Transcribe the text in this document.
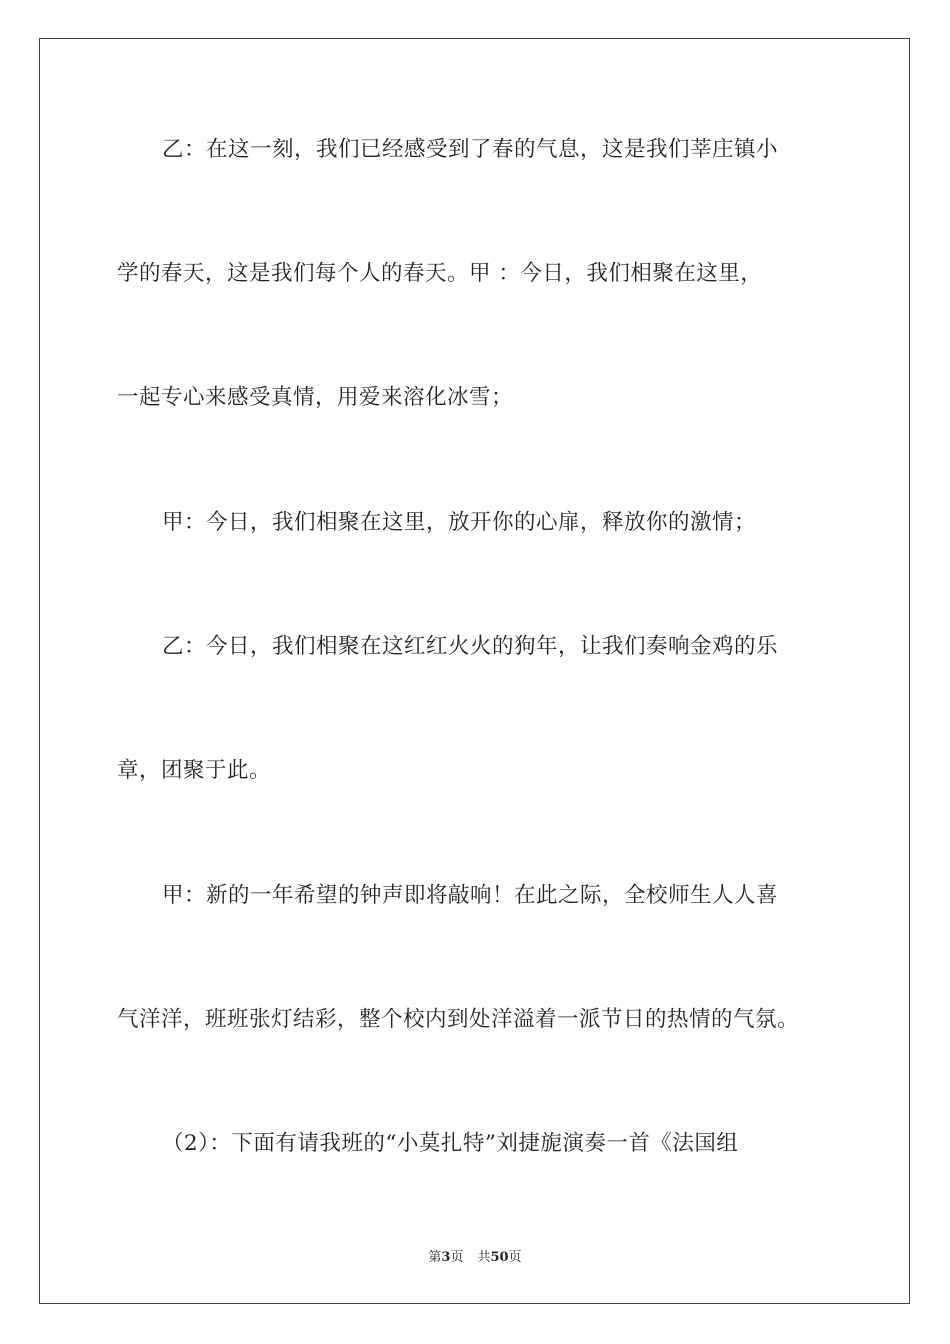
乙：在这一刻，我们已经感受到了春的气息，这是我们莘庄镇小
学的春天，这是我们每个人的春天。甲 ：今日，我们相聚在这里，
一起专心来感受真情，用爱来溶化冰雪；
甲：今日，我们相聚在这里，放开你的心扉，释放你的激情；
乙：今日，我们相聚在这红红火火的狗年，让我们奏响金鸡的乐
章，团聚于此。
甲：新的一年希望的钟声即将敲响！在此之际，全校师生人人喜
气洋洋，班班张灯结彩，整个校内到处洋溢着一派节日的热情的气氛。
（2）：下面有请我班的“小莫扎特”刘捷旎演奏一首《法国组
第3页 共50页
